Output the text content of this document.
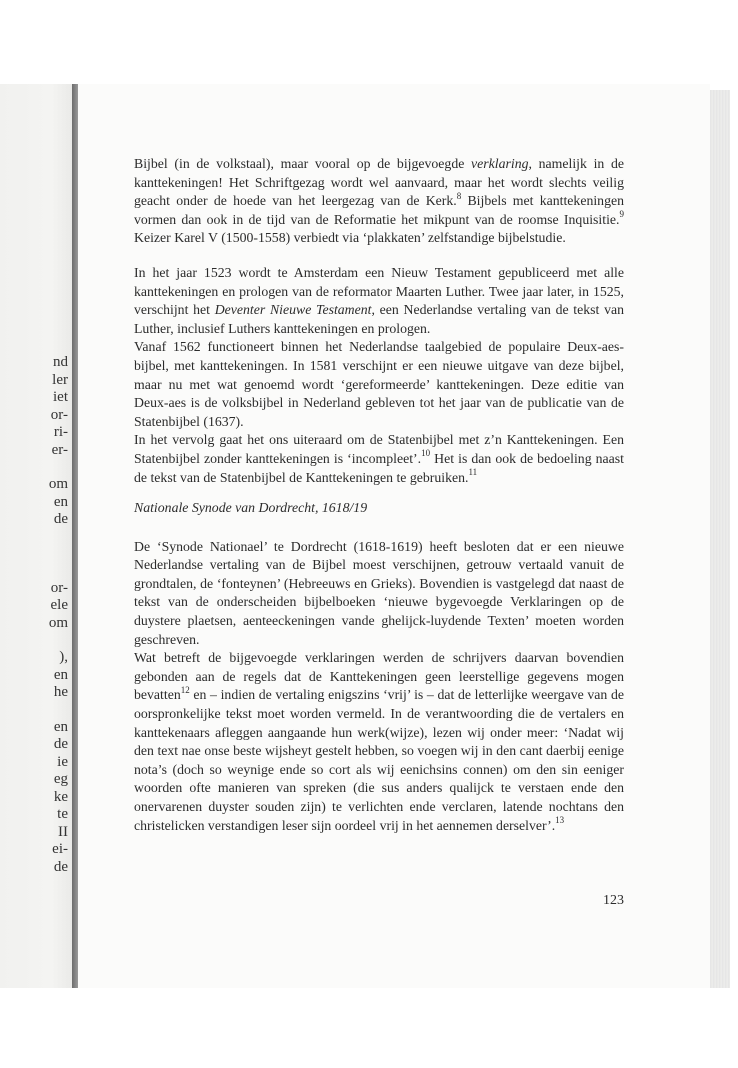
nd
ler
iet
or-
ri-
er-
om
en
de
or-
ele
om
),
en
he
en
de
ie
eg
ke
te
II
ei-
de

Bijbel (in de volkstaal), maar vooral op de bijgevoegde verklaring, namelijk in de kanttekeningen! Het Schriftgezag wordt wel aanvaard, maar het wordt slechts veilig geacht onder de hoede van het leergezag van de Kerk.$^8$ Bijbels met kanttekeningen vormen dan ook in de tijd van de Reformatie het mikpunt van de roomse Inquisitie.$^9$ Keizer Karel V (1500-1558) verbiedt via ‘plakkaten’ zelfstandige bijbelstudie.

In het jaar 1523 wordt te Amsterdam een Nieuw Testament gepubliceerd met alle kanttekeningen en prologen van de reformator Maarten Luther. Twee jaar later, in 1525, verschijnt het Deventer Nieuwe Testament, een Nederlandse vertaling van de tekst van Luther, inclusief Luthers kanttekeningen en prologen.

Vanaf 1562 functioneert binnen het Nederlandse taalgebied de populaire Deux-aes-bijbel, met kanttekeningen. In 1581 verschijnt er een nieuwe uitgave van deze bijbel, maar nu met wat genoemd wordt ‘gereformeerde’ kanttekeningen. Deze editie van Deux-aes is de volksbijbel in Nederland gebleven tot het jaar van de publicatie van de Statenbijbel (1637).

In het vervolg gaat het ons uiteraard om de Statenbijbel met z’n Kanttekeningen. Een Statenbijbel zonder kanttekeningen is ‘incompleet’.$^{10}$ Het is dan ook de bedoeling naast de tekst van de Statenbijbel de Kanttekeningen te gebruiken.$^{11}$

Nationale Synode van Dordrecht, 1618/19

De ‘Synode Nationael’ te Dordrecht (1618-1619) heeft besloten dat er een nieuwe Nederlandse vertaling van de Bijbel moest verschijnen, getrouw vertaald vanuit de grondtalen, de ‘fonteynen’ (Hebreeuws en Grieks). Bovendien is vastgelegd dat naast de tekst van de onderscheiden bijbelboeken ‘nieuwe bygevoegde Verklaringen op de duystere plaetsen, aenteeckeningen vande ghelijck-luydende Texten’ moeten worden geschreven.

Wat betreft de bijgevoegde verklaringen werden de schrijvers daarvan bovendien gebonden aan de regels dat de Kanttekeningen geen leerstellige gegevens mogen bevatten$^{12}$ en – indien de vertaling enigszins ‘vrij’ is – dat de letterlijke weergave van de oorspronkelijke tekst moet worden vermeld. In de verantwoording die de vertalers en kanttekenaars afleggen aangaande hun werk(wijze), lezen wij onder meer: ‘Nadat wij den text nae onse beste wijsheyt gestelt hebben, so voegen wij in den cant daerbij eenige nota’s (doch so weynige ende so cort als wij eenichsins connen) om den sin eeniger woorden ofte manieren van spreken (die sus anders qualijck te verstaen ende den onervarenen duyster souden zijn) te verlichten ende verclaren, latende nochtans den christelicken verstandigen leser sijn oordeel vrij in het aennemen derselver’.$^{13}$

123
